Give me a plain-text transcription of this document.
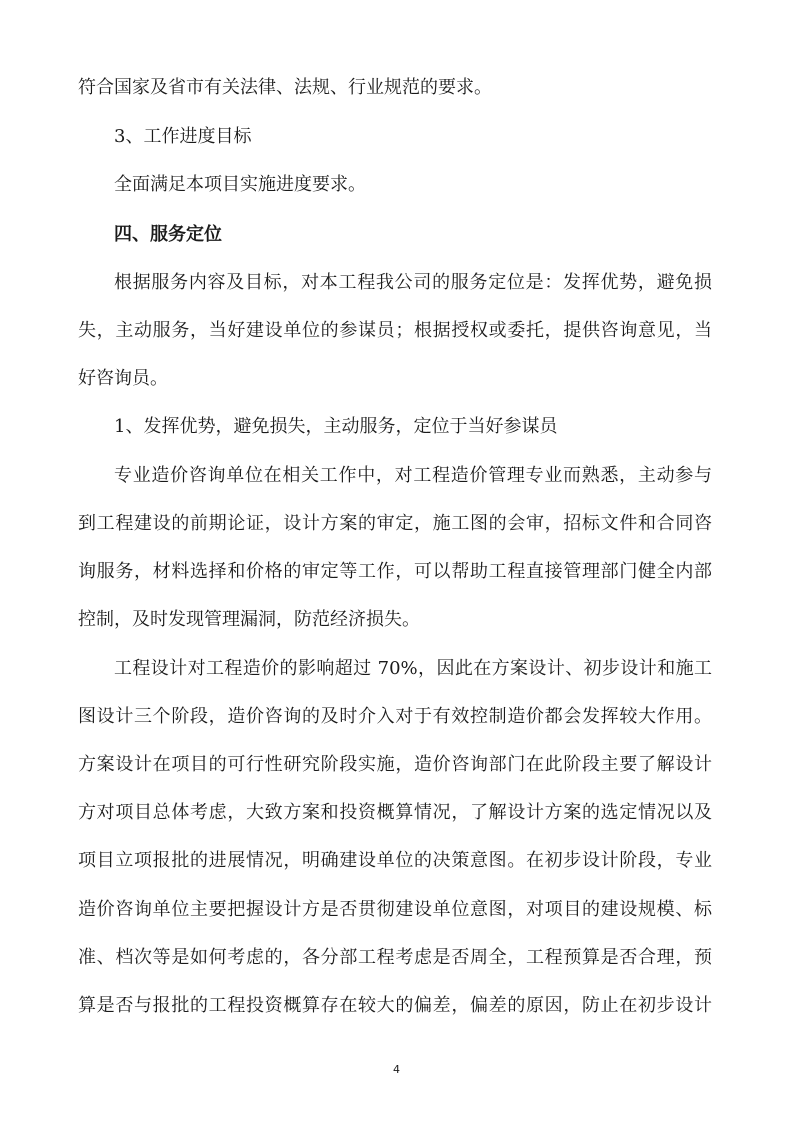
符合国家及省市有关法律、法规、行业规范的要求。
3、工作进度目标
全面满足本项目实施进度要求。
四、服务定位
根据服务内容及目标，对本工程我公司的服务定位是：发挥优势，避免损
失，主动服务，当好建设单位的参谋员；根据授权或委托，提供咨询意见，当
好咨询员。
1、发挥优势，避免损失，主动服务，定位于当好参谋员
专业造价咨询单位在相关工作中，对工程造价管理专业而熟悉，主动参与
到工程建设的前期论证，设计方案的审定，施工图的会审，招标文件和合同咨
询服务，材料选择和价格的审定等工作，可以帮助工程直接管理部门健全内部
控制，及时发现管理漏洞，防范经济损失。
工程设计对工程造价的影响超过 70%，因此在方案设计、初步设计和施工
图设计三个阶段，造价咨询的及时介入对于有效控制造价都会发挥较大作用。
方案设计在项目的可行性研究阶段实施，造价咨询部门在此阶段主要了解设计
方对项目总体考虑，大致方案和投资概算情况，了解设计方案的选定情况以及
项目立项报批的进展情况，明确建设单位的决策意图。在初步设计阶段，专业
造价咨询单位主要把握设计方是否贯彻建设单位意图，对项目的建设规模、标
准、档次等是如何考虑的，各分部工程考虑是否周全，工程预算是否合理，预
算是否与报批的工程投资概算存在较大的偏差，偏差的原因，防止在初步设计
4
